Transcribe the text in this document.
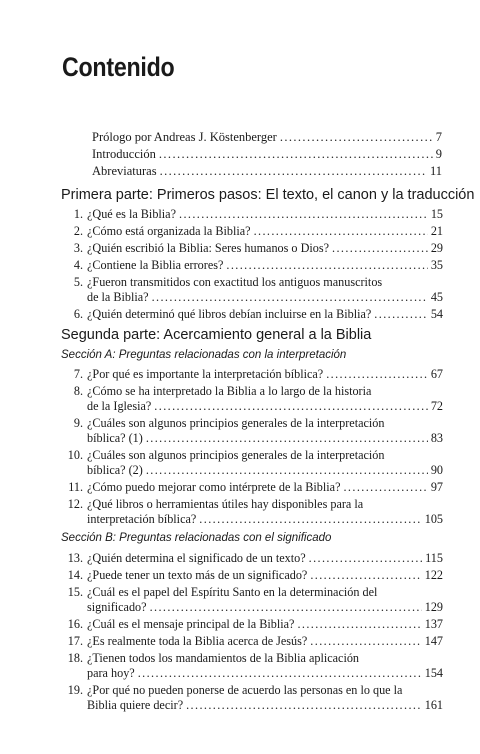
Contenido
Prólogo por Andreas J. Köstenberger .....	7
Introducción .....	9
Abreviaturas .....	11
Primera parte: Primeros pasos: El texto, el canon y la traducción
1. ¿Qué es la Biblia? .....	15
2. ¿Cómo está organizada la Biblia? .....	21
3. ¿Quién escribió la Biblia: Seres humanos o Dios? .....	29
4. ¿Contiene la Biblia errores? .....	35
5. ¿Fueron transmitidos con exactitud los antiguos manuscritos
de la Biblia? .....	45
6. ¿Quién determinó qué libros debían incluirse en la Biblia? .....	54
Segunda parte: Acercamiento general a la Biblia
Sección A: Preguntas relacionadas con la interpretación
7. ¿Por qué es importante la interpretación bíblica? .....	67
8. ¿Cómo se ha interpretado la Biblia a lo largo de la historia
de la Iglesia? .....	72
9. ¿Cuáles son algunos principios generales de la interpretación
bíblica? (1) .....	83
10. ¿Cuáles son algunos principios generales de la interpretación
bíblica? (2) .....	90
11. ¿Cómo puedo mejorar como intérprete de la Biblia? .....	97
12. ¿Qué libros o herramientas útiles hay disponibles para la
interpretación bíblica? .....	105
Sección B: Preguntas relacionadas con el significado
13. ¿Quién determina el significado de un texto? .....	115
14. ¿Puede tener un texto más de un significado? .....	122
15. ¿Cuál es el papel del Espíritu Santo en la determinación del
significado? .....	129
16. ¿Cuál es el mensaje principal de la Biblia? .....	137
17. ¿Es realmente toda la Biblia acerca de Jesús? .....	147
18. ¿Tienen todos los mandamientos de la Biblia aplicación
para hoy? .....	154
19. ¿Por qué no pueden ponerse de acuerdo las personas en lo que la
Biblia quiere decir? .....	161
